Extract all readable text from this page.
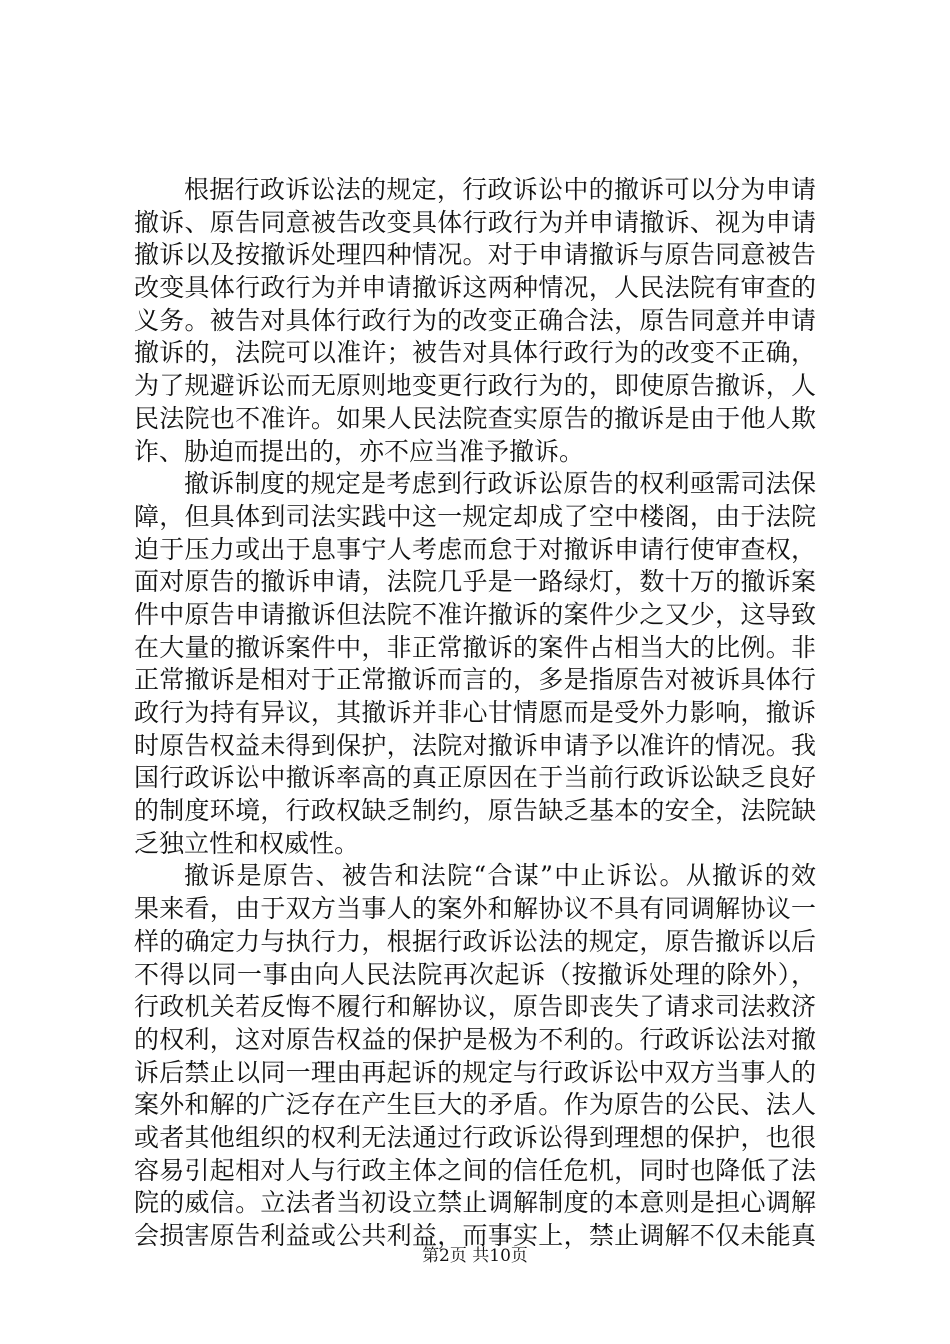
根据行政诉讼法的规定，行政诉讼中的撤诉可以分为申请
撤诉、原告同意被告改变具体行政行为并申请撤诉、视为申请
撤诉以及按撤诉处理四种情况。对于申请撤诉与原告同意被告
改变具体行政行为并申请撤诉这两种情况，人民法院有审查的
义务。被告对具体行政行为的改变正确合法，原告同意并申请
撤诉的，法院可以准许；被告对具体行政行为的改变不正确，
为了规避诉讼而无原则地变更行政行为的，即使原告撤诉，人
民法院也不准许。如果人民法院查实原告的撤诉是由于他人欺
诈、胁迫而提出的，亦不应当准予撤诉。
撤诉制度的规定是考虑到行政诉讼原告的权利亟需司法保
障，但具体到司法实践中这一规定却成了空中楼阁，由于法院
迫于压力或出于息事宁人考虑而怠于对撤诉申请行使审查权，
面对原告的撤诉申请，法院几乎是一路绿灯，数十万的撤诉案
件中原告申请撤诉但法院不准许撤诉的案件少之又少，这导致
在大量的撤诉案件中，非正常撤诉的案件占相当大的比例。非
正常撤诉是相对于正常撤诉而言的，多是指原告对被诉具体行
政行为持有异议，其撤诉并非心甘情愿而是受外力影响，撤诉
时原告权益未得到保护，法院对撤诉申请予以准许的情况。我
国行政诉讼中撤诉率高的真正原因在于当前行政诉讼缺乏良好
的制度环境，行政权缺乏制约，原告缺乏基本的安全，法院缺
乏独立性和权威性。
撤诉是原告、被告和法院“合谋”中止诉讼。从撤诉的效
果来看，由于双方当事人的案外和解协议不具有同调解协议一
样的确定力与执行力，根据行政诉讼法的规定，原告撤诉以后
不得以同一事由向人民法院再次起诉（按撤诉处理的除外），
行政机关若反悔不履行和解协议，原告即丧失了请求司法救济
的权利，这对原告权益的保护是极为不利的。行政诉讼法对撤
诉后禁止以同一理由再起诉的规定与行政诉讼中双方当事人的
案外和解的广泛存在产生巨大的矛盾。作为原告的公民、法人
或者其他组织的权利无法通过行政诉讼得到理想的保护，也很
容易引起相对人与行政主体之间的信任危机，同时也降低了法
院的威信。立法者当初设立禁止调解制度的本意则是担心调解
会损害原告利益或公共利益，而事实上，禁止调解不仅未能真
第2页 共10页
